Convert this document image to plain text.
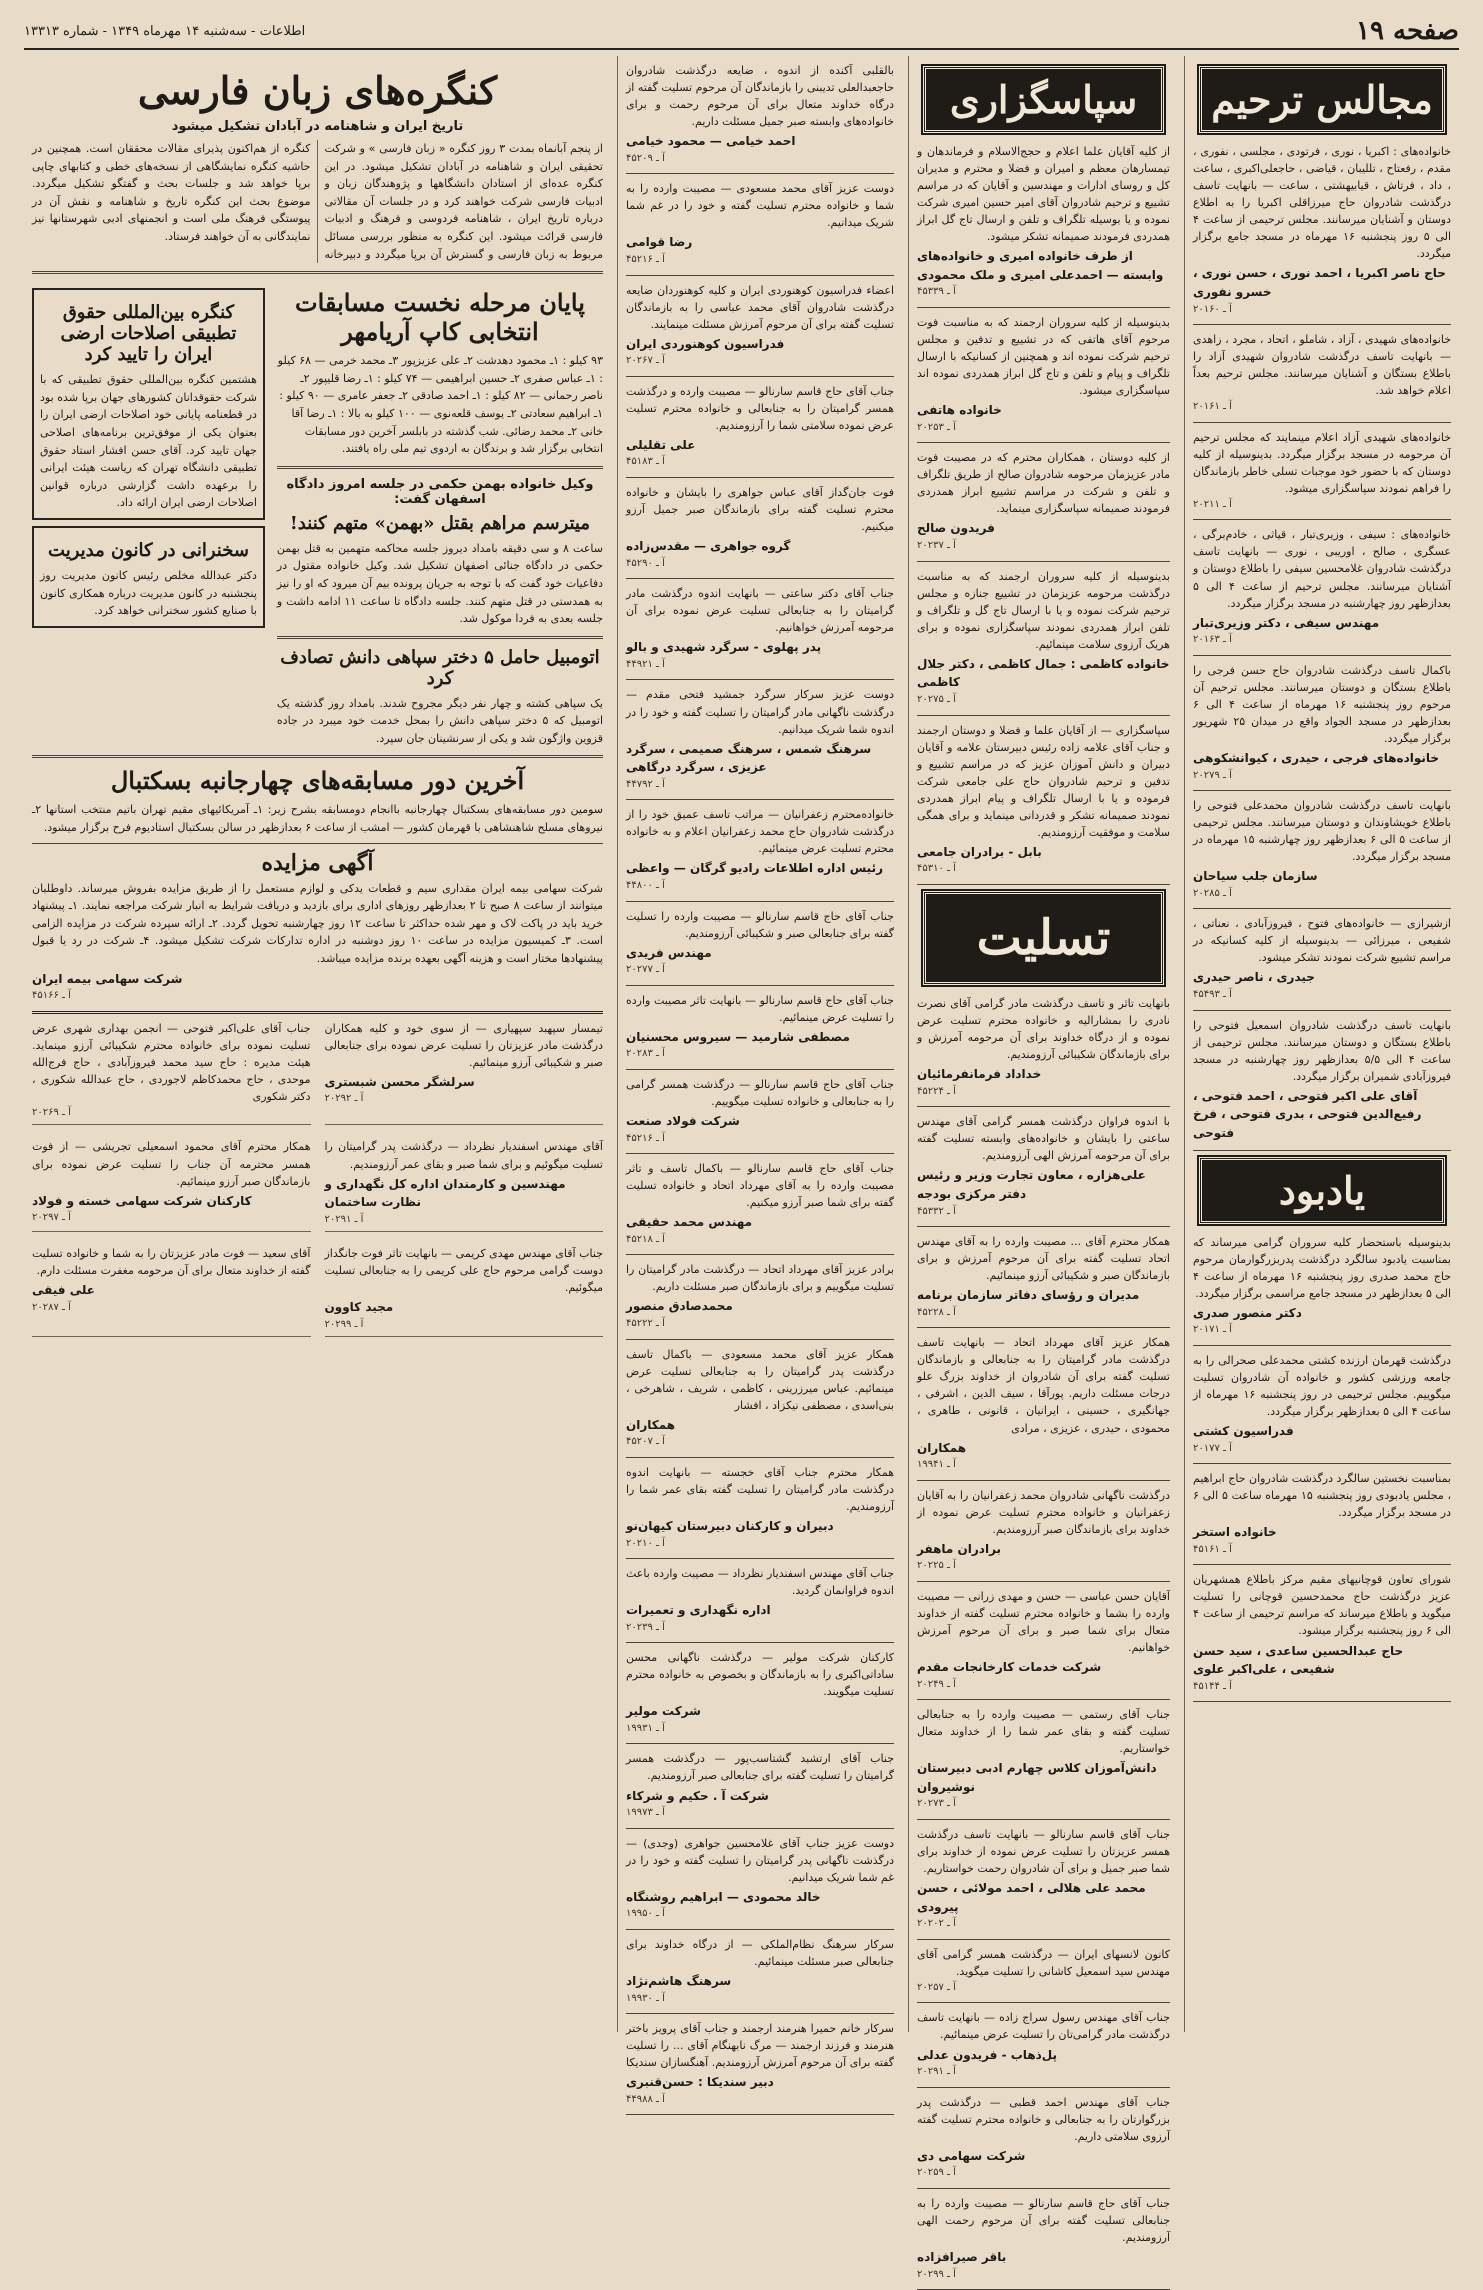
صفحه ۱۹
اطلاعات - سه‌شنبه ۱۴ مهرماه ۱۳۴۹ - شماره ۱۳۳۱۳
مجالس ترحیم
خانواده‌های : اکبریا ، نوری ، فرتودی ، مجلسی ، نفوری ، مقدم ، رفعتاح ، تللیبان ، قیاضی ، حاجعلی‌اکبری ، ساعت ، داد ، فرتاش ، قیابیهشتی ، ساعت — بانهایت تاسف درگذشت شادروان حاج میرزاقلی اکبریا را به اطلاع دوستان و آشنایان میرسانند. مجلس ترحیمی از ساعت ۴ الی ۵ روز پنجشنبه ۱۶ مهرماه در مسجد جامع برگزار میگردد.
حاج ناصر اکبریا ، احمد نوری ، حسن نوری ، خسرو نفوری
آ ـ ۲۰۱۶۰
خانواده‌های شهیدی ، آزاد ، شاملو ، اتحاد ، مجرد ، زاهدی — بانهایت تاسف درگذشت شادروان شهیدی آزاد را باطلاع بستگان و آشنایان میرسانند. مجلس ترحیم بعداً اعلام خواهد شد.
آ ـ ۲۰۱۶۱
خانواده‌های شهیدی آزاد اعلام مینمایند که مجلس ترحیم آن مرحومه در مسجد برگزار میگردد. بدینوسیله از کلیه دوستان که با حضور خود موجبات تسلی خاطر بازماندگان را فراهم نمودند سپاسگزاری میشود.
آ ـ ۲۰۲۱۱
خانواده‌های : سیفی ، وزیری‌تبار ، قیاثی ، خادم‌برگی ، عسگری ، صالح ، اوریبی ، نوری — بانهایت تاسف درگذشت شادروان غلامحسین سیفی را باطلاع دوستان و آشنایان میرسانند. مجلس ترحیم از ساعت ۴ الی ۵ بعدازظهر روز چهارشنبه در مسجد برگزار میگردد.
مهندس سیفی ، دکتر وزیری‌تبار
آ ـ ۲۰۱۶۳
باکمال تاسف درگذشت شادروان حاج حسن فرجی را باطلاع بستگان و دوستان میرسانند. مجلس ترحیم آن مرحوم روز پنجشنبه ۱۶ مهرماه از ساعت ۴ الی ۶ بعدازظهر در مسجد الجواد واقع در میدان ۲۵ شهریور برگزار میگردد.
خانواده‌های فرجی ، حیدری ، کیوانشکوهی
آ ـ ۲۰۲۷۹
بانهایت تاسف درگذشت شادروان محمدعلی فتوحی را باطلاع خویشاوندان و دوستان میرسانند. مجلس ترحیمی از ساعت ۵ الی ۶ بعدازظهر روز چهارشنبه ۱۵ مهرماه در مسجد برگزار میگردد.
سازمان جلب سیاحان
آ ـ ۲۰۲۸۵
ازشیرازی — خانواده‌های فتوح ، فیروزآبادی ، نعناتی ، شفیعی ، میرزائی — بدینوسیله از کلیه کسانیکه در مراسم تشییع شرکت نمودند تشکر میشود.
جیدری ، ناصر حیدری
آ ـ ۴۵۴۹۳
بانهایت تاسف درگذشت شادروان اسمعیل فتوحی را باطلاع بستگان و دوستان میرسانند. مجلس ترحیمی از ساعت ۴ الی ۵/۵ بعدازظهر روز چهارشنبه در مسجد فیروزآبادی شمیران برگزار میگردد.
آقای علی اکبر فتوحی ، احمد فتوحی ، رفیع‌الدین فتوحی ، بدری فتوحی ، فرخ فتوحی
یادبود
بدینوسیله باستحضار کلیه سروران گرامی میرساند که بمناسبت یادبود سالگرد درگذشت پدربزرگوارمان مرحوم حاج محمد صدری روز پنجشنبه ۱۶ مهرماه از ساعت ۴ الی ۵ بعدازظهر در مسجد جامع مراسمی برگزار میگردد.
دکتر منصور صدری
آ ـ ۲۰۱۷۱
درگذشت قهرمان ارزنده کشتی محمدعلی صحرالی را به جامعه ورزشی کشور و خانواده آن شادروان تسلیت میگوییم. مجلس ترحیمی در روز پنجشنبه ۱۶ مهرماه از ساعت ۴ الی ۵ بعدازظهر برگزار میگردد.
فدراسیون کشتی
آ ـ ۲۰۱۷۷
بمناسبت نخستین سالگرد درگذشت شادروان حاج ابراهیم ، مجلس یادبودی روز پنجشنبه ۱۵ مهرماه ساعت ۵ الی ۶ در مسجد برگزار میگردد.
خانواده استخر
آ ـ ۴۵۱۶۱
شورای تعاون قوچانیهای مقیم مرکز باطلاع همشهریان عزیز درگذشت حاج محمدحسین قوچانی را تسلیت میگوید و باطلاع میرساند که مراسم ترحیمی از ساعت ۴ الی ۶ روز پنجشنبه برگزار میشود.
حاج عبدالحسین ساعدی ، سید حسن شفیعی ، علی‌اکبر علوی
آ ـ ۴۵۱۴۴
سپاسگزاری
از کلیه آقایان علما اعلام و حجج‌الاسلام و فرماندهان و تیمسارهان معظم و امیران و فضلا و محترم و مدیران کل و روسای ادارات و مهندسین و آقایان که در مراسم تشییع و ترحیم شادروان آقای امیر حسین امیری شرکت نموده و یا بوسیله تلگراف و تلفن و ارسال تاج گل ابراز همدردی فرمودند صمیمانه تشکر میشود.
از طرف خانواده امیری و خانواده‌های وابسته — احمدعلی امیری و ملک محمودی
آ ـ ۴۵۳۳۹
بدینوسیله از کلیه سروران ارجمند که به مناسبت فوت مرحوم آقای هاتفی که در تشییع و تدفین و مجلس ترحیم شرکت نموده اند و همچنین از کسانیکه با ارسال تلگراف و پیام و تلفن و تاج گل ابراز همدردی نموده اند سپاسگزاری میشود.
خانواده هاتفی
آ ـ ۲۰۲۵۳
از کلیه دوستان ، همکاران محترم که در مصیبت فوت مادر عزیزمان مرحومه شادروان صالح از طریق تلگراف و تلفن و شرکت در مراسم تشییع ابراز همدردی فرمودند صمیمانه سپاسگزاری مینماید.
فریدون صالح
آ ـ ۲۰۲۳۷
بدینوسیله از کلیه سروران ارجمند که به مناسبت درگذشت مرحومه عزیزمان در تشییع جنازه و مجلس ترحیم شرکت نموده و یا با ارسال تاج گل و تلگراف و تلفن ابراز همدردی نمودند سپاسگزاری نموده و برای هریک آرزوی سلامت مینمائیم.
خانواده کاظمی : جمال کاظمی ، دکتر جلال کاظمی
آ ـ ۲۰۲۷۵
سپاسگزاری — از آقایان علما و فضلا و دوستان ارجمند و جناب آقای علامه زاده رئیس دبیرستان علامه و آقایان دبیران و دانش آموزان عزیز که در مراسم تشییع و تدفین و ترحیم شادروان حاج علی جامعی شرکت فرموده و یا با ارسال تلگراف و پیام ابراز همدردی نمودند صمیمانه تشکر و قدردانی مینماید و برای همگی سلامت و موفقیت آرزومندیم.
بابل - برادران جامعی
آ ـ ۴۵۳۱۰
تسلیت
بانهایت تاثر و تاسف درگذشت مادر گرامی آقای نصرت نادری را بمشارالیه و خانواده محترم تسلیت عرض نموده و از درگاه خداوند برای آن مرحومه آمرزش و برای بازماندگان شکیبائی آرزومندیم.
خداداد فرمانفرمائیان
آ ـ ۴۵۲۲۴
با اندوه فراوان درگذشت همسر گرامی آقای مهندس ساعتی را بایشان و خانواده‌های وابسته تسلیت گفته برای آن مرحومه آمرزش الهی آرزومندیم.
علی‌هزاره ، معاون تجارت وزیر و رئیس دفتر مرکزی بودجه
آ ـ ۴۵۳۳۲
همکار محترم آقای ... مصیبت وارده را به آقای مهندس اتحاد تسلیت گفته برای آن مرحوم آمرزش و برای بازماندگان صبر و شکیبائی آرزو مینمائیم.
مدیران و رؤسای دفاتر سازمان برنامه
آ ـ ۴۵۲۲۸
همکار عزیز آقای مهرداد اتحاد — بانهایت تاسف درگذشت مادر گرامیتان را به جنابعالی و بازماندگان تسلیت گفته برای آن شادروان از خداوند بزرگ علو درجات مسئلت داریم. پورآقا ، سیف الدین ، اشرفی ، جهانگیری ، حسینی ، ایرانیان ، قانونی ، طاهری ، محمودی ، حیدری ، عزیزی ، مرادی
همکاران
آ ـ ۱۹۹۴۱
درگذشت ناگهانی شادروان محمد زعفرانیان را به آقایان زعفرانیان و خانواده محترم تسلیت عرض نموده از خداوند برای بازماندگان صبر آرزومندیم.
برادران ماهفر
آ ـ ۲۰۲۲۵
آقایان حسن عباسی — حسن و مهدی زرانی — مصیبت وارده را بشما و خانواده محترم تسلیت گفته از خداوند متعال برای شما صبر و برای آن مرحوم آمرزش خواهانیم.
شرکت خدمات کارخانجات مقدم
آ ـ ۲۰۲۴۹
جناب آقای رستمی — مصیبت وارده را به جنابعالی تسلیت گفته و بقای عمر شما را از خداوند متعال خواستاریم.
دانش‌آموزان کلاس چهارم ادبی دبیرستان نوشیروان
آ ـ ۲۰۲۷۳
جناب آقای قاسم سارنالو — بانهایت تاسف درگذشت همسر عزیزتان را تسلیت عرض نموده از خداوند برای شما صبر جمیل و برای آن شادروان رحمت خواستاریم.
محمد علی هلالی ، احمد مولائی ، حسن پیرودی
آ ـ ۲۰۲۰۲
کانون لانسهای ایران — درگذشت همسر گرامی آقای مهندس سید اسمعیل کاشانی را تسلیت میگوید.
آ ـ ۲۰۲۵۷
جناب آقای مهندس رسول سراج زاده — بانهایت تاسف درگذشت مادر گرامی‌تان را تسلیت عرض مینمائیم.
پل‌ذهاب - فریدون عدلی
آ ـ ۲۰۲۹۱
جناب آقای مهندس احمد قطبی — درگذشت پدر بزرگوارتان را به جنابعالی و خانواده محترم تسلیت گفته آرزوی سلامتی داریم.
شرکت سهامی دی
آ ـ ۲۰۲۵۹
جناب آقای حاج قاسم سارنالو — مصیبت وارده را به جنابعالی تسلیت گفته برای آن مرحوم رحمت الهی آرزومندیم.
باقر صیرافزاده
آ ـ ۲۰۲۹۹
بالقلبی آکنده از اندوه ، ضایعه درگذشت شادروان حاجعبدالعلی تدیبنی را بازماندگان آن مرحوم تسلیت گفته از درگاه خداوند متعال برای آن مرحوم رحمت و برای خانواده‌های وابسته صبر جمیل مسئلت داریم.
احمد خیامی — محمود خیامی
آ ـ ۴۵۲۰۹
دوست عزیز آقای محمد مسعودی — مصیبت وارده را به شما و خانواده محترم تسلیت گفته و خود را در غم شما شریک میدانیم.
رضا قوامی
آ ـ ۴۵۲۱۶
اعضاء فدراسیون کوهنوردی ایران و کلیه کوهنوردان ضایعه درگذشت شادروان آقای محمد عباسی را به بازماندگان تسلیت گفته برای آن مرحوم آمرزش مسئلت مینمایند.
فدراسیون کوهنوردی ایران
آ ـ ۲۰۲۶۷
جناب آقای حاج قاسم سارنالو — مصیبت وارده و درگذشت همسر گرامیتان را به جنابعالی و خانواده محترم تسلیت عرض نموده سلامتی شما را آرزومندیم.
علی تقلیلی
آ ـ ۴۵۱۸۳
فوت جان‌گداز آقای عباس جواهری را بایشان و خانواده محترم تسلیت گفته برای بازماندگان صبر جمیل آرزو میکنیم.
گروه جواهری — مقدس‌زاده
آ ـ ۴۵۲۹۰
جناب آقای دکتر ساعتی — بانهایت اندوه درگذشت مادر گرامیتان را به جنابعالی تسلیت عرض نموده برای آن مرحومه آمرزش خواهانیم.
پدر پهلوی - سرگرد شهیدی و بالو
آ ـ ۴۴۹۲۱
دوست عزیز سرکار سرگرد جمشید فتحی مقدم — درگذشت ناگهانی مادر گرامیتان را تسلیت گفته و خود را در اندوه شما شریک میدانیم.
سرهنگ شمس ، سرهنگ صمیمی ، سرگرد عزیزی ، سرگرد درگاهی
آ ـ ۴۴۷۹۲
خانواده‌محترم زعفرانیان — مراتب تاسف عمیق خود را از درگذشت شادروان حاج محمد زعفرانیان اعلام و به خانواده محترم تسلیت عرض مینمائیم.
رئیس اداره اطلاعات رادیو گرگان — واعظی
آ ـ ۴۴۸۰۰
جناب آقای حاج قاسم سارنالو — مصیبت وارده را تسلیت گفته برای جنابعالی صبر و شکیبائی آرزومندیم.
مهندس فریدی
آ ـ ۲۰۲۷۷
جناب آقای حاج قاسم سارنالو — بانهایت تاثر مصیبت وارده را تسلیت عرض مینمائیم.
مصطفی شارمید — سیروس محسنیان
آ ـ ۲۰۲۸۳
جناب آقای حاج قاسم سارنالو — درگذشت همسر گرامی را به جنابعالی و خانواده تسلیت میگوییم.
شرکت فولاد صنعت
آ ـ ۴۵۲۱۶
جناب آقای حاج قاسم سارنالو — باکمال تاسف و تاثر مصیبت وارده را به آقای مهرداد اتحاد و خانواده تسلیت گفته برای شما صبر آرزو میکنیم.
مهندس محمد حقیقی
آ ـ ۴۵۲۱۸
برادر عزیز آقای مهرداد اتحاد — درگذشت مادر گرامیتان را تسلیت میگوییم و برای بازماندگان صبر مسئلت داریم.
محمدصادق منصور
آ ـ ۴۵۲۲۲
همکار عزیز آقای محمد مسعودی — باکمال تاسف درگذشت پدر گرامیتان را به جنابعالی تسلیت عرض مینمائیم. عباس میرزرینی ، کاظمی ، شریف ، شاهرخی ، بنی‌اسدی ، مصطفی نیکزاد ، افشار
همکاران
آ ـ ۴۵۲۰۷
همکار محترم جناب آقای خجسته — بانهایت اندوه درگذشت مادر گرامیتان را تسلیت گفته بقای عمر شما را آرزومندیم.
دبیران و کارکنان دبیرستان کیهان‌نو
آ ـ ۲۰۲۱۰
جناب آقای مهندس اسفندیار نظرداد — مصیبت وارده باعث اندوه فراوانمان گردید.
اداره نگهداری و تعمیرات
آ ـ ۲۰۲۳۹
کارکنان شرکت مولیر — درگذشت ناگهانی محسن ساداتی‌اکبری را به بازماندگان و بخصوص به خانواده محترم تسلیت میگویند.
شرکت مولیر
آ ـ ۱۹۹۳۱
جناب آقای ارتشبد گشتاسب‌پور — درگذشت همسر گرامیتان را تسلیت گفته برای جنابعالی صبر آرزومندیم.
شرکت آ . حکیم و شرکاء
آ ـ ۱۹۹۷۳
دوست عزیز جناب آقای غلامحسین جواهری (وجدی) — درگذشت ناگهانی پدر گرامیتان را تسلیت گفته و خود را در غم شما شریک میدانیم.
خالد محمودی — ابراهیم روشنگاه
آ ـ ۱۹۹۵۰
سرکار سرهنگ نظام‌الملکی — از درگاه خداوند برای جنابعالی صبر مسئلت مینمائیم.
سرهنگ هاشم‌نژاد
آ ـ ۱۹۹۳۰
سرکار خانم حمیرا هنرمند ارجمند و جناب آقای پرویز باختر هنرمند و فرزند ارجمند — مرگ نابهنگام آقای ... را تسلیت گفته برای آن مرحوم آمرزش آرزومندیم. آهنگسازان سندیکا
دبیر سندیکا : حسن‌قنبری
آ ـ ۴۴۹۸۸
کنگره‌های زبان فارسی
تاریخ ایران و شاهنامه در آبادان تشکیل میشود
از پنجم آبانماه بمدت ۳ روز کنگره « زبان فارسی » و شرکت تحقیقی ایران و شاهنامه در آبادان تشکیل میشود. در این کنگره عده‌ای از استادان دانشگاهها و پژوهندگان زبان و ادبیات فارسی شرکت خواهند کرد و در جلسات آن مقالاتی درباره تاریخ ایران ، شاهنامه فردوسی و فرهنگ و ادبیات فارسی قرائت میشود. این کنگره به منظور بررسی مسائل مربوط به زبان فارسی و گسترش آن برپا میگردد و دبیرخانه کنگره از هم‌اکنون پذیرای مقالات محققان است. همچنین در حاشیه کنگره نمایشگاهی از نسخه‌های خطی و کتابهای چاپی برپا خواهد شد و جلسات بحث و گفتگو تشکیل میگردد. موضوع بحث این کنگره تاریخ و شاهنامه و نقش آن در پیوستگی فرهنگ ملی است و انجمنهای ادبی شهرستانها نیز نمایندگانی به آن خواهند فرستاد.
پایان مرحله نخست مسابقات انتخابی کاپ آریامهر
۹۳ کیلو : ۱ـ محمود دهدشت ۲ـ علی عزیزپور ۳ـ محمد خرمی — ۶۸ کیلو : ۱ـ عباس صفری ۲ـ حسین ابراهیمی — ۷۴ کیلو : ۱ـ رضا قلیپور ۲ـ ناصر رحمانی — ۸۲ کیلو : ۱ـ احمد صادقی ۲ـ جعفر عامری — ۹۰ کیلو : ۱ـ ابراهیم سعادتی ۲ـ یوسف قلعه‌نوی — ۱۰۰ کیلو به بالا : ۱ـ رضا آقا خانی ۲ـ محمد رضائی. شب گذشته در بابلسر آخرین دور مسابقات انتخابی برگزار شد و برندگان به اردوی تیم ملی راه یافتند.
وکیل خانواده بهمن حکمی در جلسه امروز دادگاه اسفهان گفت:
میترسم مراهم بقتل «بهمن» متهم کنند!
ساعت ۸ و سی دقیقه بامداد دیروز جلسه محاکمه متهمین به قتل بهمن حکمی در دادگاه جنائی اصفهان تشکیل شد. وکیل خانواده مقتول در دفاعیات خود گفت که با توجه به جریان پرونده بیم آن میرود که او را نیز به همدستی در قتل متهم کنند. جلسه دادگاه تا ساعت ۱۱ ادامه داشت و جلسه بعدی به فردا موکول شد.
اتومبیل حامل ۵ دختر سپاهی دانش تصادف کرد
یک سپاهی کشته و چهار نفر دیگر مجروح شدند. بامداد روز گذشته یک اتومبیل که ۵ دختر سپاهی دانش را بمحل خدمت خود میبرد در جاده قزوین واژگون شد و یکی از سرنشینان جان سپرد.
کنگره بین‌المللی حقوق تطبیقی اصلاحات ارضی ایران را تایید کرد
هشتمین کنگره بین‌المللی حقوق تطبیقی که با شرکت حقوقدانان کشورهای جهان برپا شده بود در قطعنامه پایانی خود اصلاحات ارضی ایران را بعنوان یکی از موفق‌ترین برنامه‌های اصلاحی جهان تایید کرد. آقای حسن افشار استاد حقوق تطبیقی دانشگاه تهران که ریاست هیئت ایرانی را برعهده داشت گزارشی درباره قوانین اصلاحات ارضی ایران ارائه داد.
سخنرانی در کانون مدیریت
دکتر عبدالله مخلص رئیس کانون مدیریت روز پنجشنبه در کانون مدیریت درباره همکاری کانون با صنایع کشور سخنرانی خواهد کرد.
آخرین دور مسابقه‌های چهارجانبه بسکتبال
سومین دور مسابقه‌های بسکتبال چهارجانبه باانجام دومسابقه بشرح زیر: ۱ـ آمریکائیهای مقیم تهران باتیم منتخب استانها ۲ـ نیروهای مسلح شاهنشاهی با قهرمان کشور — امشب از ساعت ۶ بعدازظهر در سالن بسکتبال استادیوم فرح برگزار میشود.
آگهی مزایده
شرکت سهامی بیمه ایران مقداری سیم و قطعات یدکی و لوازم مستعمل را از طریق مزایده بفروش میرساند. داوطلبان میتوانند از ساعت ۸ صبح تا ۲ بعدازظهر روزهای اداری برای بازدید و دریافت شرایط به انبار شرکت مراجعه نمایند. ۱ـ پیشنهاد خرید باید در پاکت لاک و مهر شده حداکثر تا ساعت ۱۲ روز چهارشنبه تحویل گردد. ۲ـ ارائه سپرده شرکت در مزایده الزامی است. ۳ـ کمیسیون مزایده در ساعت ۱۰ روز دوشنبه در اداره تدارکات شرکت تشکیل میشود. ۴ـ شرکت در رد یا قبول پیشنهادها مختار است و هزینه آگهی بعهده برنده مزایده میباشد.
شرکت سهامی بیمه ایران
آ ـ ۴۵۱۶۶
تیمسار سپهبد سپهیاری — از سوی خود و کلیه همکاران درگذشت مادر عزیزتان را تسلیت عرض نموده برای جنابعالی صبر و شکیبائی آرزو مینمائیم.
سرلشگر محسن شبستری
آ ـ ۲۰۲۹۲
جناب آقای علی‌اکبر فتوحی — انجمن بهداری شهری عرض تسلیت نموده برای خانواده محترم شکیبائی آرزو مینماید. هیئت مدیره : حاج سید محمد فیروزآبادی ، حاج فرج‌الله موحدی ، حاج محمدکاظم لاجوردی ، حاج عبدالله شکوری ، دکتر شکوری
آ ـ ۲۰۲۶۹
آقای مهندس اسفندیار نظرداد — درگذشت پدر گرامیتان را تسلیت میگوئیم و برای شما صبر و بقای عمر آرزومندیم.
مهندسین و کارمندان اداره کل نگهداری و نظارت ساختمان
آ ـ ۲۰۲۹۱
همکار محترم آقای محمود اسمعیلی تجریشی — از فوت همسر محترمه آن جناب را تسلیت عرض نموده برای بازماندگان صبر آرزو مینمائیم.
کارکنان شرکت سهامی خسته و فولاد
آ ـ ۲۰۲۹۷
جناب آقای مهندس مهدی کریمی — بانهایت تاثر فوت جانگداز دوست گرامی مرحوم حاج علی کریمی را به جنابعالی تسلیت میگوئیم.
مجید کاوون
آ ـ ۲۰۲۹۹
آقای سعید — فوت مادر عزیزتان را به شما و خانواده تسلیت گفته از خداوند متعال برای آن مرحومه مغفرت مسئلت دارم.
علی فیقی
آ ـ ۲۰۲۸۷
